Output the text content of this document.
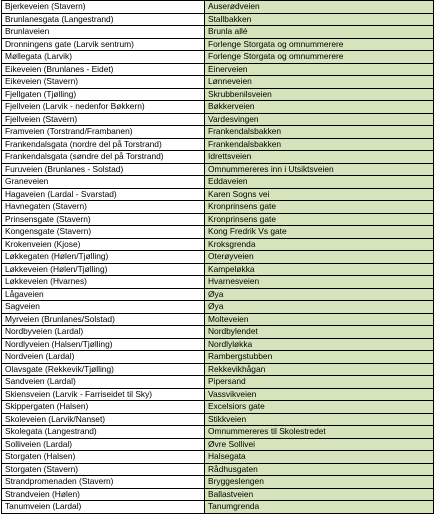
Bjerkeveien (Stavern)	Auserødveien
Brunlanesgata (Langestrand)	Stallbakken
Brunlaveien	Brunla allé
Dronningens gate (Larvik sentrum)	Forlenge Storgata og omnummerere
Møllegata (Larvik)	Forlenge Storgata og omnummerere
Eikeveien (Brunlanes - Eidet)	Einerveien
Eikeveien (Stavern)	Lønneveien
Fjellgaten (Tjølling)	Skrubbenilsveien
Fjellveien (Larvik - nedenfor Bøkkern)	Bøkkerveien
Fjellveien (Stavern)	Vardesvingen
Framveien (Torstrand/Frambanen)	Frankendalsbakken
Frankendalsgata (nordre del på Torstrand)	Frankendalsbakken
Frankendalsgata (søndre del på Torstrand)	Idrettsveien
Furuveien (Brunlanes - Solstad)	Omnummereres inn i Utsiktsveien
Graneveien	Eddaveien
Hagaveien (Lardal - Svarstad)	Karen Sogns vei
Havnegaten (Stavern)	Kronprinsens gate
Prinsensgate (Stavern)	Kronprinsens gate
Kongensgate (Stavern)	Kong Fredrik Vs gate
Krokenveien (Kjose)	Kroksgrenda
Løkkegaten (Hølen/Tjølling)	Oterøyveien
Løkkeveien (Hølen/Tjølling)	Kampeløkka
Løkkeveien (Hvarnes)	Hvarnesveien
Lågaveien	Øya
Sagveien	Øya
Myrveien (Brunlanes/Solstad)	Molteveien
Nordbyveien (Lardal)	Nordbylendet
Nordlyveien (Halsen/Tjølling)	Nordlyløkka
Nordveien (Lardal)	Rambergstubben
Olavsgate (Rekkevik/Tjølling)	Rekkevikhågan
Sandveien (Lardal)	Pipersand
Skiensveien (Larvik - Farriseidet til Sky)	Vassvikveien
Skippergaten (Halsen)	Excelsiors gate
Skoleveien (Larvik/Nanset)	Stikkveien
Skolegata (Langestrand)	Omnummereres til Skolestredet
Solliveien (Lardal)	Øvre Sollivei
Storgaten (Halsen)	Halsegata
Storgaten (Stavern)	Rådhusgaten
Strandpromenaden (Stavern)	Bryggeslengen
Strandveien (Hølen)	Ballastveien
Tanumveien (Lardal)	Tanumgrenda
